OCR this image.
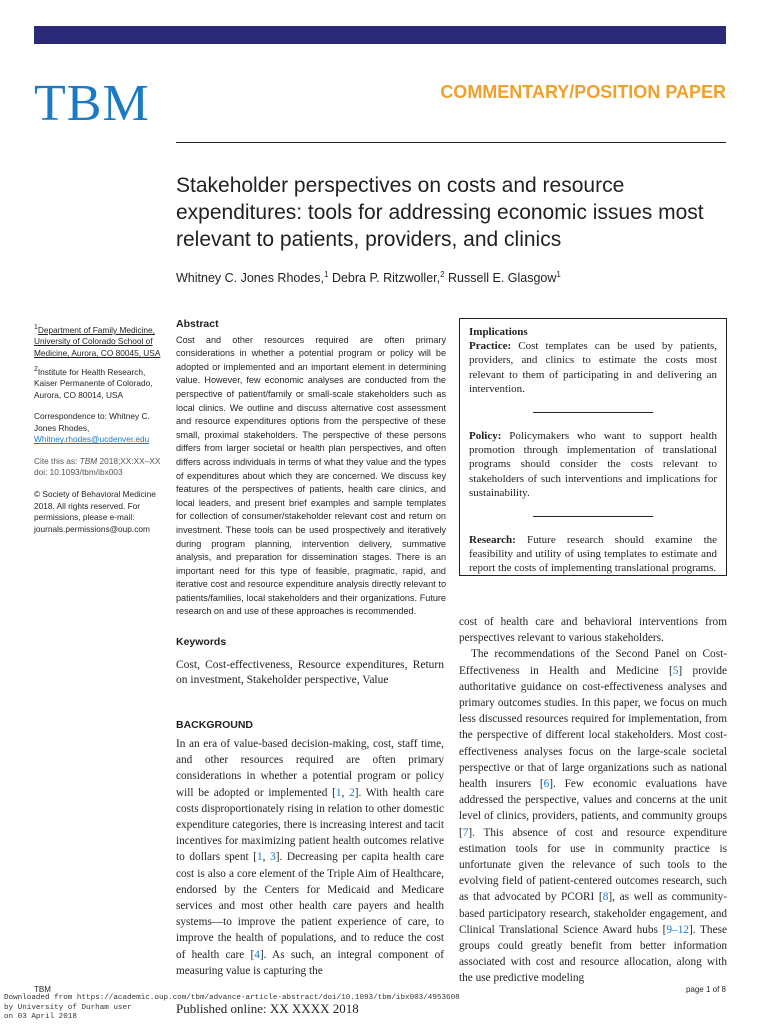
TBM	COMMENTARY/POSITION PAPER
Stakeholder perspectives on costs and resource expenditures: tools for addressing economic issues most relevant to patients, providers, and clinics
Whitney C. Jones Rhodes,$^1$ Debra P. Ritzwoller,$^2$ Russell E. Glasgow$^1$

$^1$Department of Family Medicine, University of Colorado School of Medicine, Aurora, CO 80045, USA

$^2$Institute for Health Research, Kaiser Permanente of Colorado, Aurora, CO 80014, USA

Correspondence to: Whitney C. Jones Rhodes, Whitney.rhodes@ucdenver.edu

Cite this as: TBM 2018;XX:XX–XX
doi: 10.1093/tbm/ibx003

© Society of Behavioral Medicine 2018. All rights reserved. For permissions, please e-mail: journals.permissions@oup.com

Abstract

Cost and other resources required are often primary considerations in whether a potential program or policy will be adopted or implemented and an important element in determining value. However, few economic analyses are conducted from the perspective of patient/family or small-scale stakeholders such as local clinics. We outline and discuss alternative cost assessment and resource expenditures options from the perspective of these small, proximal stakeholders. The perspective of these persons differs from larger societal or health plan perspectives, and often differs across individuals in terms of what they value and the types of expenditures about which they are concerned. We discuss key features of the perspectives of patients, health care clinics, and local leaders, and present brief examples and sample templates for collection of consumer/stakeholder relevant cost and return on investment. These tools can be used prospectively and iteratively during program planning, intervention delivery, summative analysis, and preparation for dissemination stages. There is an important need for this type of feasible, pragmatic, rapid, and iterative cost and resource expenditure analysis directly relevant to patients/families, local stakeholders and their organizations. Future research on and use of these approaches is recommended.

Implications

Practice: Cost templates can be used by patients, providers, and clinics to estimate the costs most relevant to them of participating in and delivering an intervention.

Policy: Policymakers who want to support health promotion through implementation of translational programs should consider the costs relevant to stakeholders of such interventions and implications for sustainability.

Research: Future research should examine the feasibility and utility of using templates to estimate and report the costs of implementing translational programs.

Keywords
Cost, Cost-effectiveness, Resource expenditures, Return on investment, Stakeholder perspective, Value
BACKGROUND

In an era of value-based decision-making, cost, staff time, and other resources required are often primary considerations in whether a potential program or policy will be adopted or implemented [1, 2]. With health care costs disproportionately rising in relation to other domestic expenditure categories, there is increasing interest and tacit incentives for maximizing patient health outcomes relative to dollars spent [1, 3]. Decreasing per capita health care cost is also a core element of the Triple Aim of Healthcare, endorsed by the Centers for Medicaid and Medicare services and most other health care payers and health systems—to improve the patient experience of care, to improve the health of populations, and to reduce the cost of health care [4]. As such, an integral component of measuring value is capturing the

cost of health care and behavioral interventions from perspectives relevant to various stakeholders.

The recommendations of the Second Panel on Cost-Effectiveness in Health and Medicine [5] provide authoritative guidance on cost-effectiveness analyses and primary outcomes studies. In this paper, we focus on much less discussed resources required for implementation, from the perspective of different local stakeholders. Most cost-effectiveness analyses focus on the large-scale societal perspective or that of large organizations such as national health insurers [6]. Few economic evaluations have addressed the perspective, values and concerns at the unit level of clinics, providers, patients, and community groups [7]. This absence of cost and resource expenditure estimation tools for use in community practice is unfortunate given the relevance of such tools to the evolving field of patient-centered outcomes research, such as that advocated by PCORI [8], as well as community-based participatory research, stakeholder engagement, and Clinical Translational Science Award hubs [9–12]. These groups could greatly benefit from better information associated with cost and resource allocation, along with the use predictive modeling

TBM	page 1 of 8
Downloaded from https://academic.oup.com/tbm/advance-article-abstract/doi/10.1093/tbm/ibx003/4953608
by University of Durham user
on 03 April 2018
Published online: XX XXXX 2018
